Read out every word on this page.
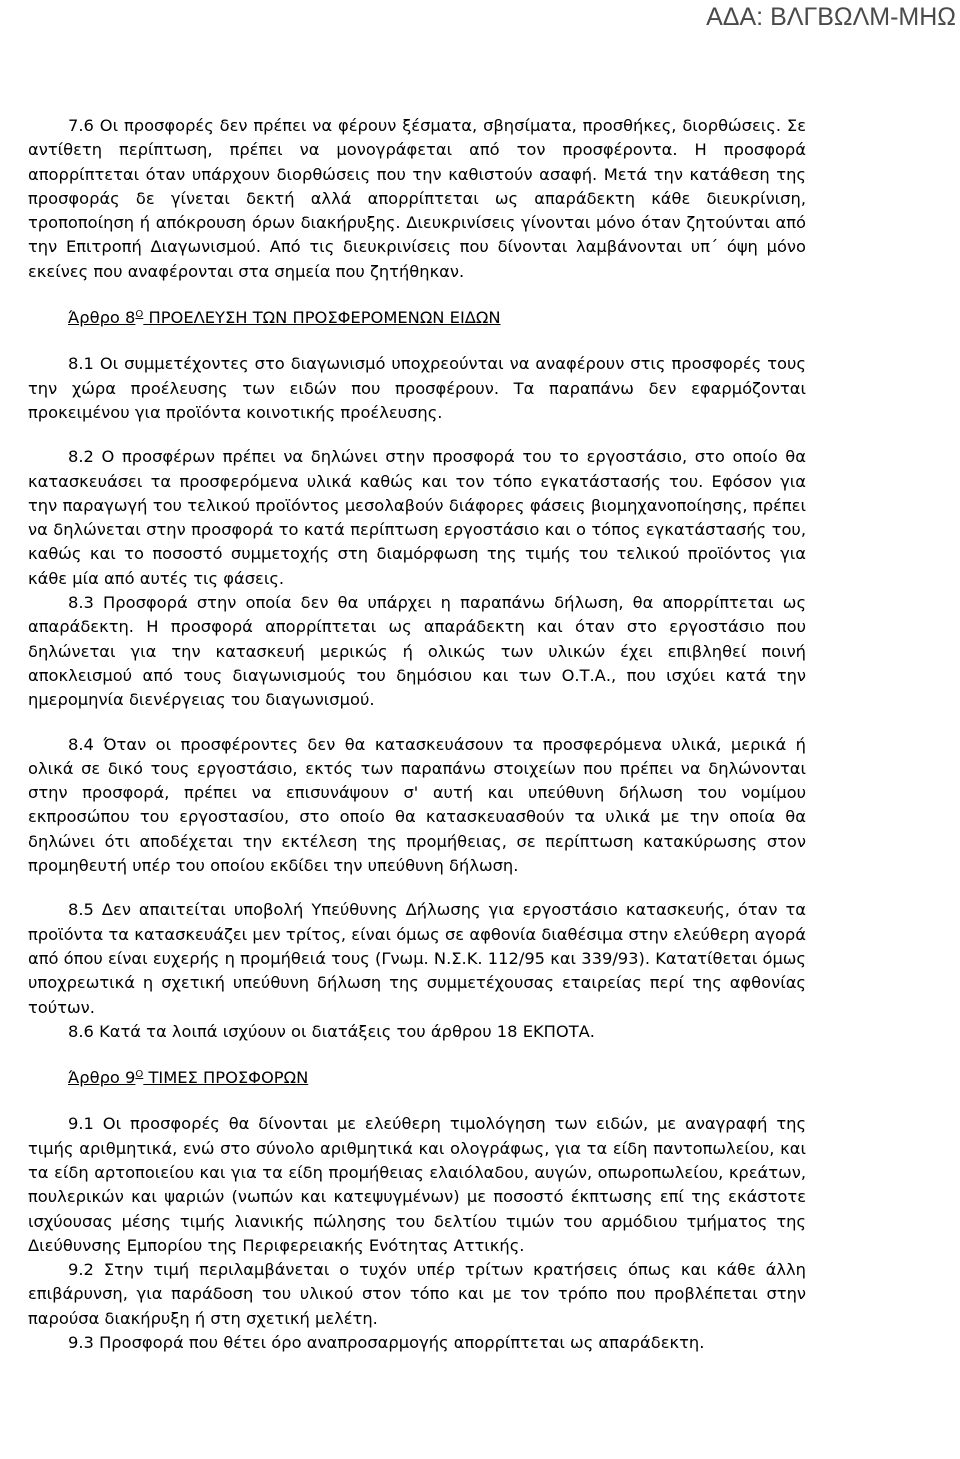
ΑΔΑ: ΒΛΓΒΩΛΜ-ΜΗΩ

7.6 Οι προσφορές δεν πρέπει να φέρουν ξέσματα, σβησίματα, προσθήκες, διορθώσεις. Σε αντίθετη περίπτωση, πρέπει να μονογράφεται από τον προσφέροντα. Η προσφορά απορρίπτεται όταν υπάρχουν διορθώσεις που την καθιστούν ασαφή. Μετά την κατάθεση της προσφοράς δε γίνεται δεκτή αλλά απορρίπτεται ως απαράδεκτη κάθε διευκρίνιση, τροποποίηση ή απόκρουση όρων διακήρυξης. Διευκρινίσεις γίνονται μόνο όταν ζητούνται από την Επιτροπή Διαγωνισμού. Από τις διευκρινίσεις που δίνονται λαμβάνονται υπ΄ όψη μόνο εκείνες που αναφέρονται στα σημεία που ζητήθηκαν.

Άρθρο $8^O$ ΠΡΟΕΛΕΥΣΗ ΤΩΝ ΠΡΟΣΦΕΡΟΜΕΝΩΝ ΕΙΔΩΝ

8.1 Οι συμμετέχοντες στο διαγωνισμό υποχρεούνται να αναφέρουν στις προσφορές τους την χώρα προέλευσης των ειδών που προσφέρουν. Τα παραπάνω δεν εφαρμόζονται προκειμένου για προϊόντα κοινοτικής προέλευσης.

8.2 Ο προσφέρων πρέπει να δηλώνει στην προσφορά του το εργοστάσιο, στο οποίο θα κατασκευάσει τα προσφερόμενα υλικά καθώς και τον τόπο εγκατάστασής του. Εφόσον για την παραγωγή του τελικού προϊόντος μεσολαβούν διάφορες φάσεις βιομηχανοποίησης, πρέπει να δηλώνεται στην προσφορά το κατά περίπτωση εργοστάσιο και ο τόπος εγκατάστασής του, καθώς και το ποσοστό συμμετοχής στη διαμόρφωση της τιμής του τελικού προϊόντος για κάθε μία από αυτές τις φάσεις.

8.3 Προσφορά στην οποία δεν θα υπάρχει η παραπάνω δήλωση, θα απορρίπτεται ως απαράδεκτη. Η προσφορά απορρίπτεται ως απαράδεκτη και όταν στο εργοστάσιο που δηλώνεται για την κατασκευή μερικώς ή ολικώς των υλικών έχει επιβληθεί ποινή αποκλεισμού από τους διαγωνισμούς του δημόσιου και των Ο.Τ.Α., που ισχύει κατά την ημερομηνία διενέργειας του διαγωνισμού.

8.4 Όταν οι προσφέροντες δεν θα κατασκευάσουν τα προσφερόμενα υλικά, μερικά ή ολικά σε δικό τους εργοστάσιο, εκτός των παραπάνω στοιχείων που πρέπει να δηλώνονται στην προσφορά, πρέπει να επισυνάψουν σ' αυτή και υπεύθυνη δήλωση του νομίμου εκπροσώπου του εργοστασίου, στο οποίο θα κατασκευασθούν τα υλικά με την οποία θα δηλώνει ότι αποδέχεται την εκτέλεση της προμήθειας, σε περίπτωση κατακύρωσης στον προμηθευτή υπέρ του οποίου εκδίδει την υπεύθυνη δήλωση.

8.5 Δεν απαιτείται υποβολή Υπεύθυνης Δήλωσης για εργοστάσιο κατασκευής, όταν τα προϊόντα τα κατασκευάζει μεν τρίτος, είναι όμως σε αφθονία διαθέσιμα στην ελεύθερη αγορά από όπου είναι ευχερής η προμήθειά τους (Γνωμ. Ν.Σ.Κ. 112/95 και 339/93). Κατατίθεται όμως υποχρεωτικά η σχετική υπεύθυνη δήλωση της συμμετέχουσας εταιρείας περί της αφθονίας τούτων.

8.6 Κατά τα λοιπά ισχύουν οι διατάξεις του άρθρου 18 ΕΚΠΟΤΑ.

Άρθρο $9^O$ ΤΙΜΕΣ ΠΡΟΣΦΟΡΩΝ

9.1 Οι προσφορές θα δίνονται με ελεύθερη τιμολόγηση των ειδών, με αναγραφή της τιμής αριθμητικά, ενώ στο σύνολο αριθμητικά και ολογράφως, για τα είδη παντοπωλείου, και τα είδη αρτοποιείου και για τα είδη προμήθειας ελαιόλαδου, αυγών, οπωροπωλείου, κρεάτων, πουλερικών και ψαριών (νωπών και κατεψυγμένων) με ποσοστό έκπτωσης επί της εκάστοτε ισχύουσας μέσης τιμής λιανικής πώλησης του δελτίου τιμών του αρμόδιου τμήματος της Διεύθυνσης Εμπορίου της Περιφερειακής Ενότητας Αττικής.

9.2 Στην τιμή περιλαμβάνεται ο τυχόν υπέρ τρίτων κρατήσεις όπως και κάθε άλλη επιβάρυνση, για παράδοση του υλικού στον τόπο και με τον τρόπο που προβλέπεται στην παρούσα διακήρυξη ή στη σχετική μελέτη.

9.3 Προσφορά που θέτει όρο αναπροσαρμογής απορρίπτεται ως απαράδεκτη.
